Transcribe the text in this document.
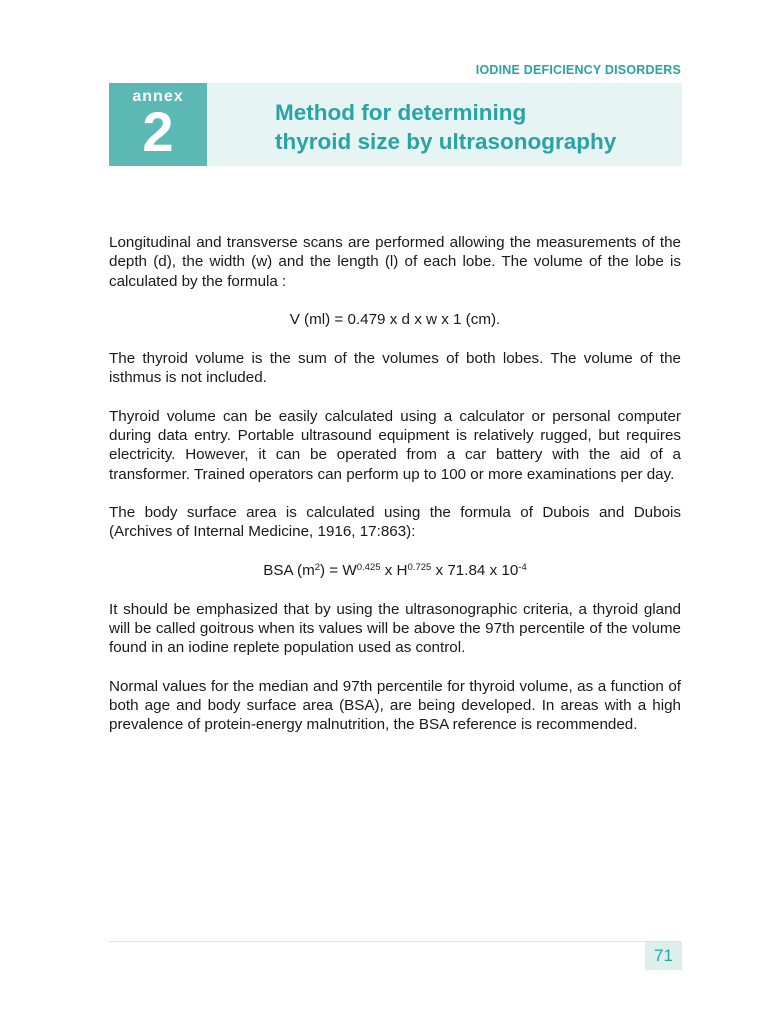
IODINE DEFICIENCY DISORDERS
annex
2	Method for determining
thyroid size by ultrasonography

Longitudinal and transverse scans are performed allowing the measurements of the depth (d), the width (w) and the length (l) of each lobe. The volume of the lobe is calculated by the formula :

V (ml) = 0.479 x d x w x 1 (cm).

The thyroid volume is the sum of the volumes of both lobes. The volume of the isthmus is not included.

Thyroid volume can be easily calculated using a calculator or personal computer during data entry. Portable ultrasound equipment is relatively rugged, but requires electricity. However, it can be operated from a car battery with the aid of a transformer. Trained operators can perform up to 100 or more examinations per day.

The body surface area is calculated using the formula of Dubois and Dubois (Archives of Internal Medicine, 1916, 17:863):

BSA $(m^2) = W^{0.425}$ x $H^{0.725}$ x 71.84 x $10^{-4}$

It should be emphasized that by using the ultrasonographic criteria, a thyroid gland will be called goitrous when its values will be above the 97th percentile of the volume found in an iodine replete population used as control.

Normal values for the median and 97th percentile for thyroid volume, as a function of both age and body surface area (BSA), are being developed. In areas with a high prevalence of protein-energy malnutrition, the BSA reference is recommended.

71
